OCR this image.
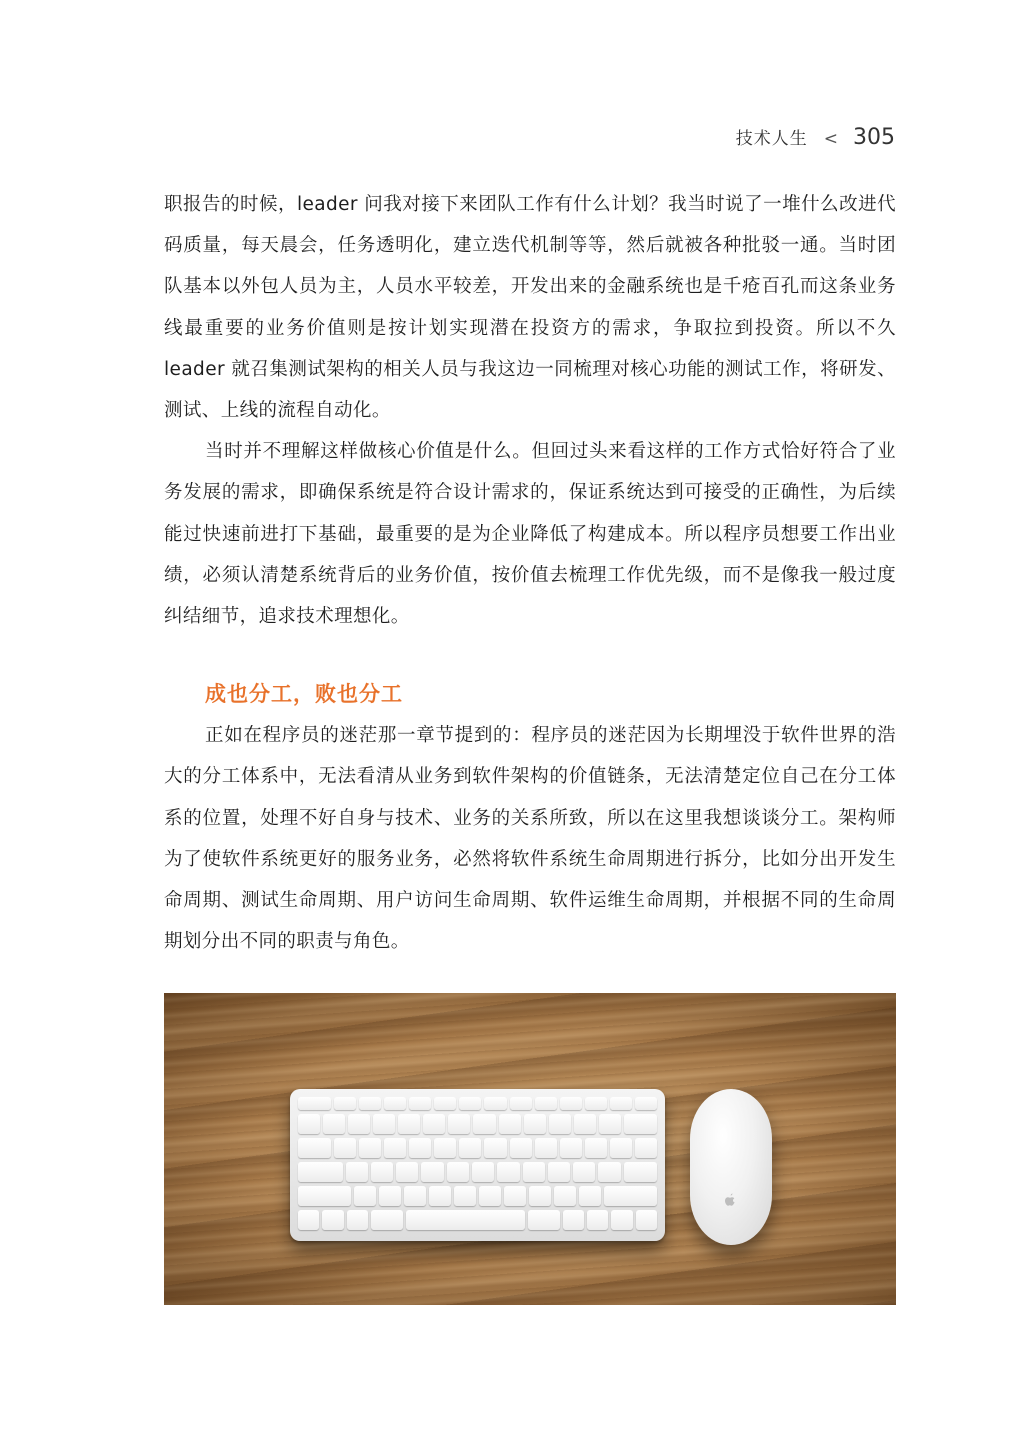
技术人生 < 305

职报告的时候，leader 问我对接下来团队工作有什么计划？我当时说了一堆什么改进代码质量，每天晨会，任务透明化，建立迭代机制等等，然后就被各种批驳一通。当时团队基本以外包人员为主，人员水平较差，开发出来的金融系统也是千疮百孔而这条业务线最重要的业务价值则是按计划实现潜在投资方的需求，争取拉到投资。所以不久 leader 就召集测试架构的相关人员与我这边一同梳理对核心功能的测试工作，将研发、测试、上线的流程自动化。

当时并不理解这样做核心价值是什么。但回过头来看这样的工作方式恰好符合了业务发展的需求，即确保系统是符合设计需求的，保证系统达到可接受的正确性，为后续能过快速前进打下基础，最重要的是为企业降低了构建成本。所以程序员想要工作出业绩，必须认清楚系统背后的业务价值，按价值去梳理工作优先级，而不是像我一般过度纠结细节，追求技术理想化。

成也分工，败也分工

正如在程序员的迷茫那一章节提到的：程序员的迷茫因为长期埋没于软件世界的浩大的分工体系中，无法看清从业务到软件架构的价值链条，无法清楚定位自己在分工体系的位置，处理不好自身与技术、业务的关系所致，所以在这里我想谈谈分工。架构师为了使软件系统更好的服务业务，必然将软件系统生命周期进行拆分，比如分出开发生命周期、测试生命周期、用户访问生命周期、软件运维生命周期，并根据不同的生命周期划分出不同的职责与角色。
